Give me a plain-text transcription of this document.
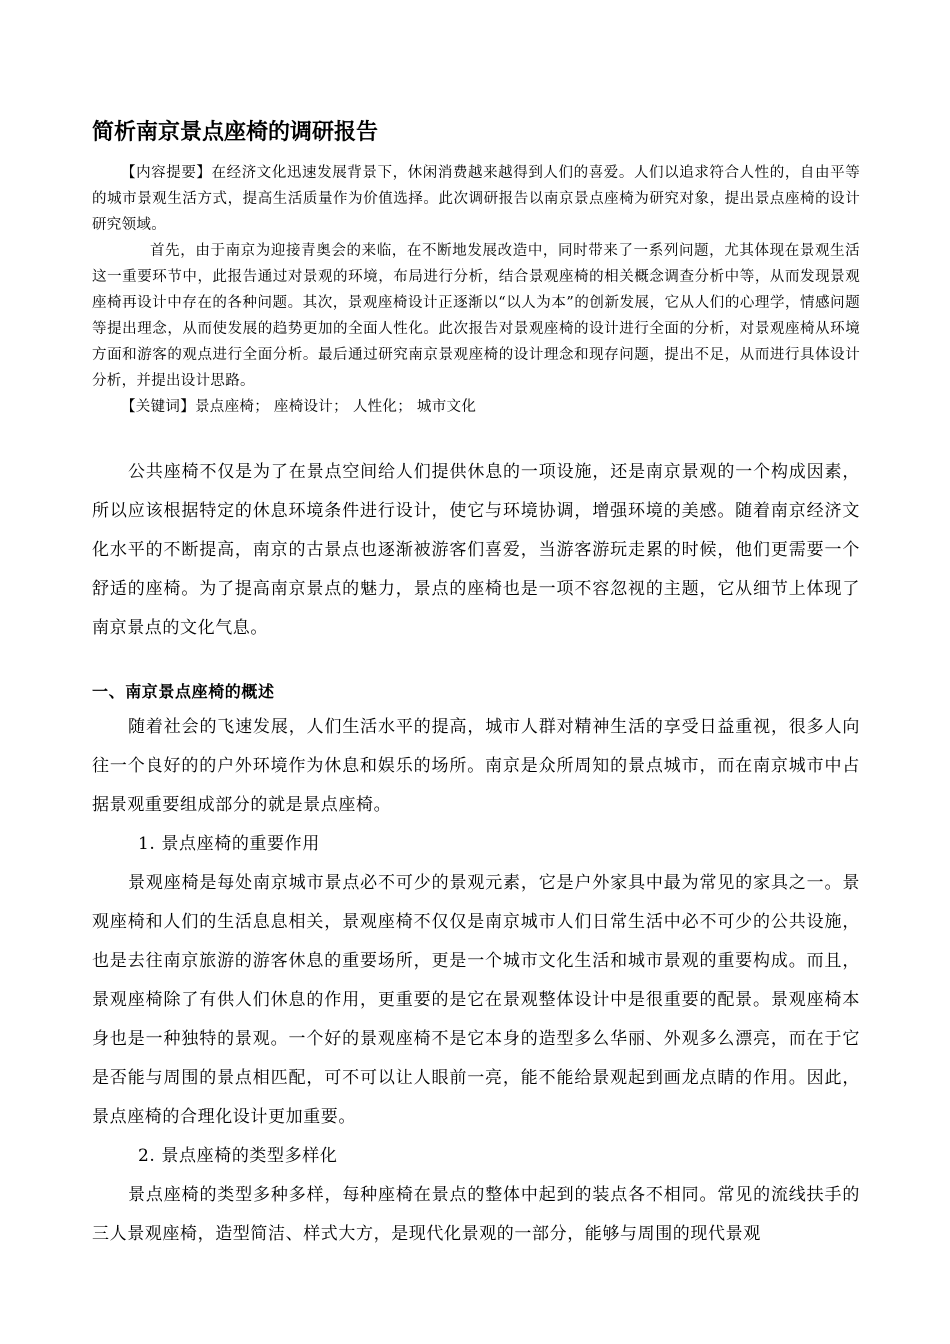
简析南京景点座椅的调研报告

【内容提要】在经济文化迅速发展背景下，休闲消费越来越得到人们的喜爱。人们以追求符合人性的，自由平等的城市景观生活方式，提高生活质量作为价值选择。此次调研报告以南京景点座椅为研究对象，提出景点座椅的设计研究领域。

首先，由于南京为迎接青奥会的来临，在不断地发展改造中，同时带来了一系列问题，尤其体现在景观生活这一重要环节中，此报告通过对景观的环境，布局进行分析，结合景观座椅的相关概念调查分析中等，从而发现景观座椅再设计中存在的各种问题。其次，景观座椅设计正逐渐以“以人为本”的创新发展，它从人们的心理学，情感问题等提出理念，从而使发展的趋势更加的全面人性化。此次报告对景观座椅的设计进行全面的分析，对景观座椅从环境方面和游客的观点进行全面分析。最后通过研究南京景观座椅的设计理念和现存问题，提出不足，从而进行具体设计分析，并提出设计思路。

【关键词】景点座椅； 座椅设计； 人性化； 城市文化

公共座椅不仅是为了在景点空间给人们提供休息的一项设施，还是南京景观的一个构成因素，所以应该根据特定的休息环境条件进行设计，使它与环境协调，增强环境的美感。随着南京经济文化水平的不断提高，南京的古景点也逐渐被游客们喜爱，当游客游玩走累的时候，他们更需要一个舒适的座椅。为了提高南京景点的魅力，景点的座椅也是一项不容忽视的主题，它从细节上体现了南京景点的文化气息。

一、南京景点座椅的概述

随着社会的飞速发展，人们生活水平的提高，城市人群对精神生活的享受日益重视，很多人向往一个良好的的户外环境作为休息和娱乐的场所。南京是众所周知的景点城市，而在南京城市中占据景观重要组成部分的就是景点座椅。

1. 景点座椅的重要作用

景观座椅是每处南京城市景点必不可少的景观元素，它是户外家具中最为常见的家具之一。景观座椅和人们的生活息息相关，景观座椅不仅仅是南京城市人们日常生活中必不可少的公共设施，也是去往南京旅游的游客休息的重要场所，更是一个城市文化生活和城市景观的重要构成。而且，景观座椅除了有供人们休息的作用，更重要的是它在景观整体设计中是很重要的配景。景观座椅本身也是一种独特的景观。一个好的景观座椅不是它本身的造型多么华丽、外观多么漂亮，而在于它是否能与周围的景点相匹配，可不可以让人眼前一亮，能不能给景观起到画龙点睛的作用。因此，景点座椅的合理化设计更加重要。

2. 景点座椅的类型多样化

景点座椅的类型多种多样，每种座椅在景点的整体中起到的装点各不相同。常见的流线扶手的三人景观座椅，造型简洁、样式大方，是现代化景观的一部分，能够与周围的现代景观
